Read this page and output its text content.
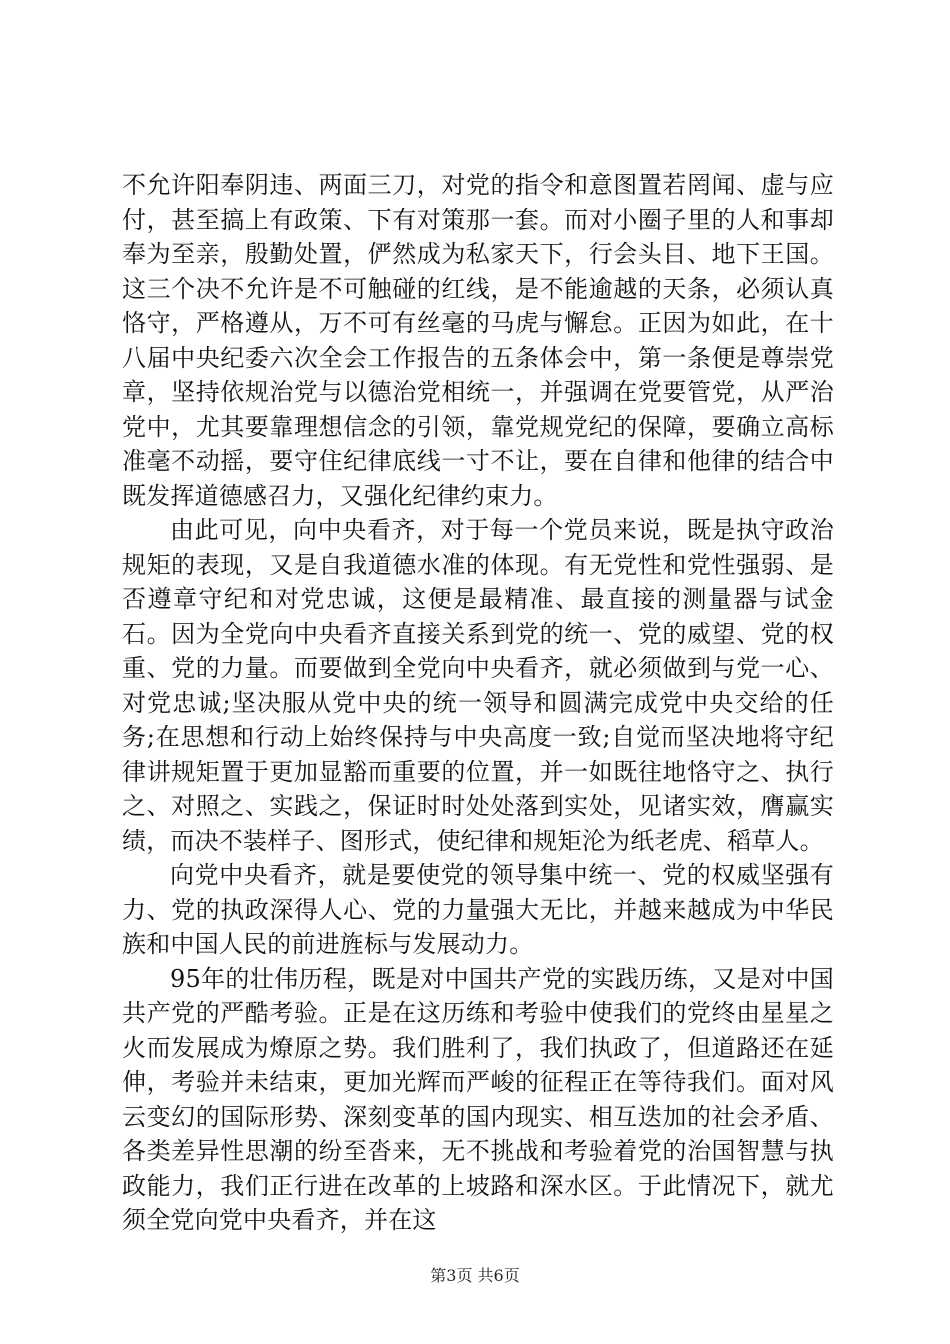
不允许阳奉阴违、两面三刀，对党的指令和意图置若罔闻、虚与应付，甚至搞上有政策、下有对策那一套。而对小圈子里的人和事却奉为至亲，殷勤处置，俨然成为私家天下，行会头目、地下王国。这三个决不允许是不可触碰的红线，是不能逾越的天条，必须认真恪守，严格遵从，万不可有丝毫的马虎与懈怠。正因为如此，在十八届中央纪委六次全会工作报告的五条体会中，第一条便是尊崇党章，坚持依规治党与以德治党相统一，并强调在党要管党，从严治党中，尤其要靠理想信念的引领，靠党规党纪的保障，要确立高标准毫不动摇，要守住纪律底线一寸不让，要在自律和他律的结合中既发挥道德感召力，又强化纪律约束力。

由此可见，向中央看齐，对于每一个党员来说，既是执守政治规矩的表现，又是自我道德水准的体现。有无党性和党性强弱、是否遵章守纪和对党忠诚，这便是最精准、最直接的测量器与试金石。因为全党向中央看齐直接关系到党的统一、党的威望、党的权重、党的力量。而要做到全党向中央看齐，就必须做到与党一心、对党忠诚;坚决服从党中央的统一领导和圆满完成党中央交给的任务;在思想和行动上始终保持与中央高度一致;自觉而坚决地将守纪律讲规矩置于更加显豁而重要的位置，并一如既往地恪守之、执行之、对照之、实践之，保证时时处处落到实处，见诸实效，膺赢实绩，而决不装样子、图形式，使纪律和规矩沦为纸老虎、稻草人。

向党中央看齐，就是要使党的领导集中统一、党的权威坚强有力、党的执政深得人心、党的力量强大无比，并越来越成为中华民族和中国人民的前进旌标与发展动力。

95年的壮伟历程，既是对中国共产党的实践历练，又是对中国共产党的严酷考验。正是在这历练和考验中使我们的党终由星星之火而发展成为燎原之势。我们胜利了，我们执政了，但道路还在延伸，考验并未结束，更加光辉而严峻的征程正在等待我们。面对风云变幻的国际形势、深刻变革的国内现实、相互迭加的社会矛盾、各类差异性思潮的纷至沓来，无不挑战和考验着党的治国智慧与执政能力，我们正行进在改革的上坡路和深水区。于此情况下，就尤须全党向党中央看齐，并在这

第3页 共6页
